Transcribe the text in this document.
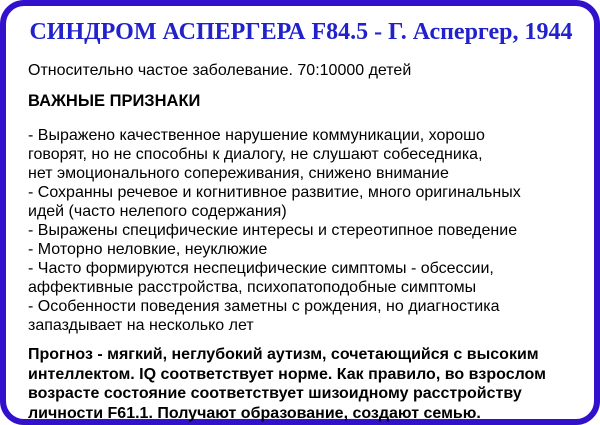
СИНДРОМ АСПЕРГЕРА F84.5 - Г. Аспергер, 1944

Относительно частое заболевание. 70:10000 детей

ВАЖНЫЕ ПРИЗНАКИ
- Выражено качественное нарушение коммуникации, хорошо
говорят, но не способны к диалогу, не слушают собеседника,
нет эмоционального сопереживания, снижено внимание
- Сохранны речевое и когнитивное развитие, много оригинальных
идей (часто нелепого содержания)
- Выражены специфические интересы и стереотипное поведение
- Моторно неловкие, неуклюжие
- Часто формируются неспецифические симптомы - обсессии,
аффективные расстройства, психопатоподобные симптомы
- Особенности поведения заметны с рождения, но диагностика
запаздывает на несколько лет
Прогноз - мягкий, неглубокий аутизм, сочетающийся с высоким
интеллектом. IQ соответствует норме. Как правило, во взрослом
возрасте состояние соответствует шизоидному расстройству
личности F61.1. Получают образование, создают семью.
